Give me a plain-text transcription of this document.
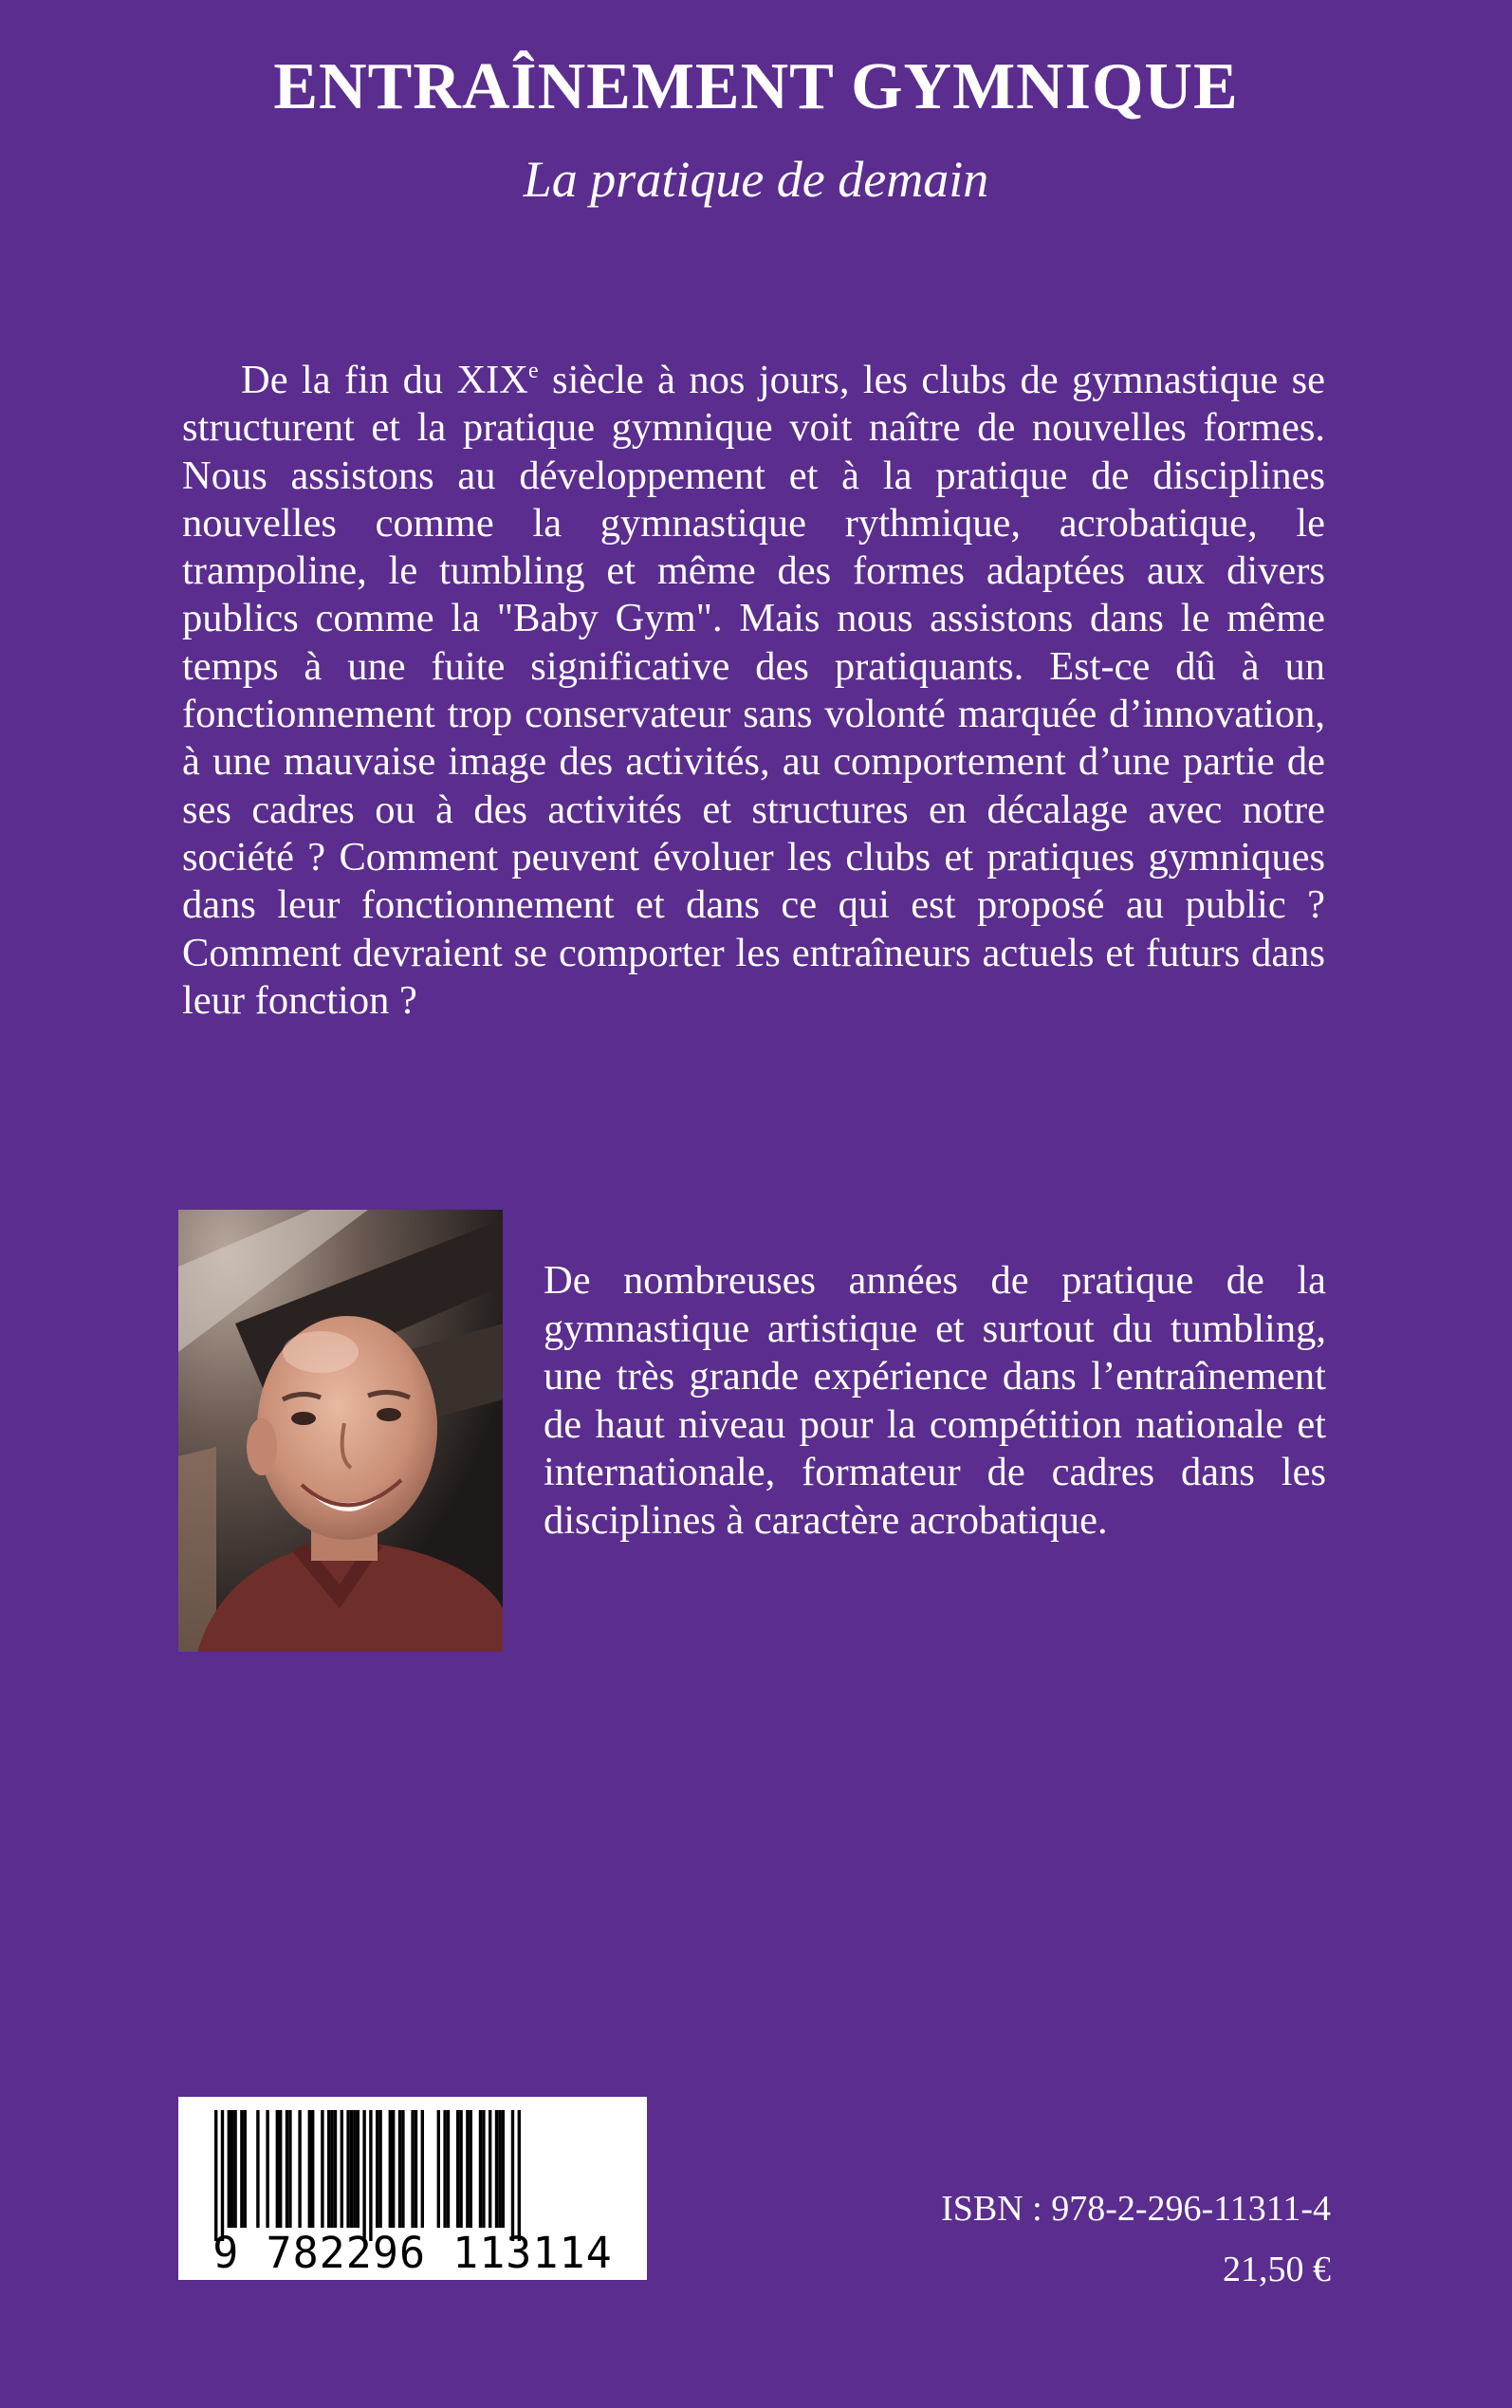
ENTRAÎNEMENT GYMNIQUE
La pratique de demain

De la fin du XIXe siècle à nos jours, les clubs de gymnastique se structurent et la pratique gymnique voit naître de nouvelles formes. Nous assistons au développement et à la pratique de disciplines nouvelles comme la gymnastique rythmique, acrobatique, le trampoline, le tumbling et même des formes adaptées aux divers publics comme la "Baby Gym". Mais nous assistons dans le même temps à une fuite significative des pratiquants. Est-ce dû à un fonctionnement trop conservateur sans volonté marquée d’innovation, à une mauvaise image des activités, au comportement d’une partie de ses cadres ou à des activités et structures en décalage avec notre société ? Comment peuvent évoluer les clubs et pratiques gymniques dans leur fonctionnement et dans ce qui est proposé au public ? Comment devraient se comporter les entraîneurs actuels et futurs dans leur fonction ?

De nombreuses années de pratique de la gymnastique artistique et surtout du tumbling, une très grande expérience dans l’entraînement de haut niveau pour la compétition nationale et internationale, formateur de cadres dans les disciplines à caractère acrobatique.

9 782296 113114
ISBN : 978-2-296-11311-4
21,50 €
